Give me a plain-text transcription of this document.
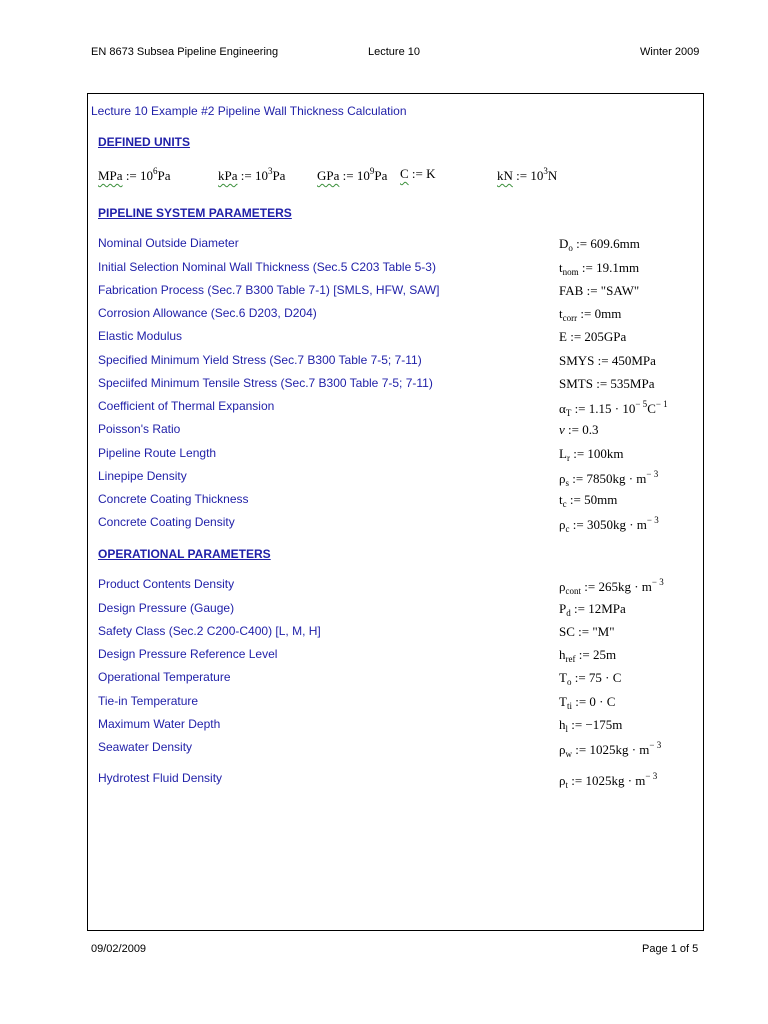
EN 8673 Subsea Pipeline Engineering	Lecture 10	Winter 2009
Lecture 10 Example #2 Pipeline Wall Thickness Calculation
DEFINED UNITS
MPa := $10^6Pa$	kPa := $10^3Pa$ GPa := $10^9Pa$ C := K	kN := $10^3N$
PIPELINE SYSTEM PARAMETERS
Nominal Outside Diameter	$D_o$ := 609.6mm
Initial Selection Nominal Wall Thickness (Sec.5 C203 Table 5-3)	$t_{nom}$ := 19.1mm
Fabrication Process (Sec.7 B300 Table 7-1) [SMLS, HFW, SAW]	FAB := "SAW"
Corrosion Allowance (Sec.6 D203, D204)	$t_{corr}$ := 0mm
Elastic Modulus	E := 205GPa
Specified Minimum Yield Stress (Sec.7 B300 Table 7-5; 7-11)	SMYS := 450MPa
Speciifed Minimum Tensile Stress (Sec.7 B300 Table 7-5; 7-11)	SMTS := 535MPa
Coefficient of Thermal Expansion	$\alpha_T$ := $1.15 \cdot 10^{- 5}C^{- 1}$
Poisson's Ratio	ν := 0.3
Pipeline Route Length	$L_r$ := 100km
Linepipe Density	$\rho_s$ := $7850kg \cdot m^{- 3}$
Concrete Coating Thickness	$t_c$ := 50mm
Concrete Coating Density	$\rho_c$ := $3050kg \cdot m^{- 3}$
OPERATIONAL PARAMETERS
Product Contents Density	$\rho_{cont}$ := $265kg \cdot m^{- 3}$
Design Pressure (Gauge)	$P_d$ := 12MPa
Safety Class (Sec.2 C200-C400) [L, M, H]	SC := "M"
Design Pressure Reference Level	$h_{ref}$ := 25m
Operational Temperature	$T_o$ := 75 · C
Tie-in Temperature	$T_{ti}$ := 0 · C
Maximum Water Depth	$h_l$ := −175m
Seawater Density	$\rho_w$ := $1025kg \cdot m^{- 3}$
Hydrotest Fluid Density	$\rho_t$ := $1025kg \cdot m^{- 3}$
09/02/2009	Page 1 of 5
